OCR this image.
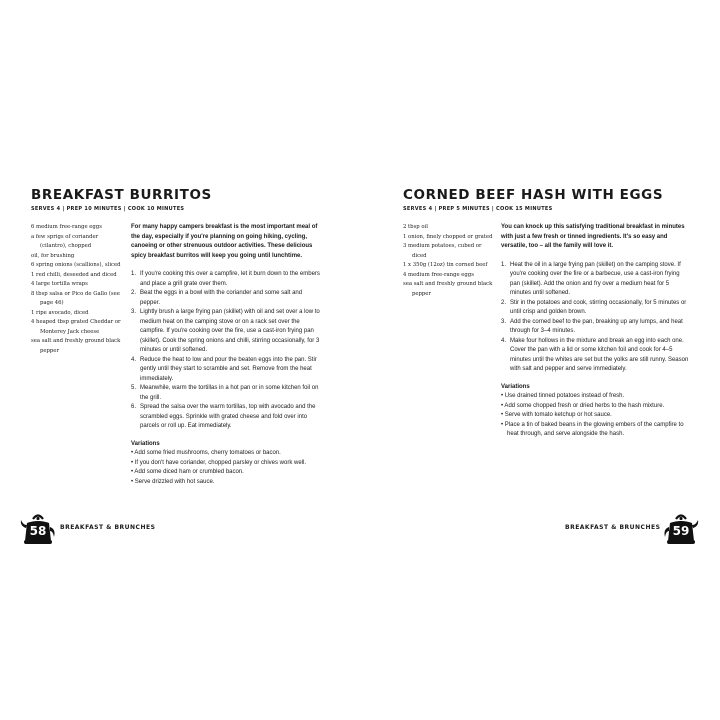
BREAKFAST BURRITOS
SERVES 4 | PREP 10 MINUTES | COOK 10 MINUTES
6 medium free-range eggs
a few sprigs of coriander (cilantro), chopped
oil, for brushing
6 spring onions (scallions), sliced
1 red chilli, deseeded and diced
4 large tortilla wraps
8 tbsp salsa or Pico de Gallo (see page 46)
1 ripe avocado, diced
4 heaped tbsp grated Cheddar or Monterey Jack cheese
sea salt and freshly ground black pepper

For many happy campers breakfast is the most important meal of the day, especially if you're planning on going hiking, cycling, canoeing or other strenuous outdoor activities. These delicious spicy breakfast burritos will keep you going until lunchtime.

1. If you're cooking this over a campfire, let it burn down to the embers and place a grill grate over them.
2. Beat the eggs in a bowl with the coriander and some salt and pepper.
3. Lightly brush a large frying pan (skillet) with oil and set over a low to medium heat on the camping stove or on a rack set over the campfire. If you're cooking over the fire, use a cast-iron frying pan (skillet). Cook the spring onions and chilli, stirring occasionally, for 3 minutes or until softened.
4. Reduce the heat to low and pour the beaten eggs into the pan. Stir gently until they start to scramble and set. Remove from the heat immediately.
5. Meanwhile, warm the tortillas in a hot pan or in some kitchen foil on the grill.
6. Spread the salsa over the warm tortillas, top with avocado and the scrambled eggs. Sprinkle with grated cheese and fold over into parcels or roll up. Eat immediately.

Variations

• Add some fried mushrooms, cherry tomatoes or bacon.
• If you don't have coriander, chopped parsley or chives work well.
• Add some diced ham or crumbled bacon.
• Serve drizzled with hot sauce.
58	BREAKFAST & BRUNCHES
CORNED BEEF HASH WITH EGGS
SERVES 4 | PREP 5 MINUTES | COOK 15 MINUTES
2 tbsp oil
1 onion, finely chopped or grated
3 medium potatoes, cubed or diced
1 x 350g (12oz) tin corned beef
4 medium free-range eggs
sea salt and freshly ground black pepper

You can knock up this satisfying traditional breakfast in minutes with just a few fresh or tinned ingredients. It's so easy and versatile, too – all the family will love it.

1. Heat the oil in a large frying pan (skillet) on the camping stove. If you're cooking over the fire or a barbecue, use a cast-iron frying pan (skillet). Add the onion and fry over a medium heat for 5 minutes until softened.
2. Stir in the potatoes and cook, stirring occasionally, for 5 minutes or until crisp and golden brown.
3. Add the corned beef to the pan, breaking up any lumps, and heat through for 3–4 minutes.
4. Make four hollows in the mixture and break an egg into each one. Cover the pan with a lid or some kitchen foil and cook for 4–5 minutes until the whites are set but the yolks are still runny. Season with salt and pepper and serve immediately.

Variations

• Use drained tinned potatoes instead of fresh.
• Add some chopped fresh or dried herbs to the hash mixture.
• Serve with tomato ketchup or hot sauce.
• Place a tin of baked beans in the glowing embers of the campfire to heat through, and serve alongside the hash.
BREAKFAST & BRUNCHES	59
